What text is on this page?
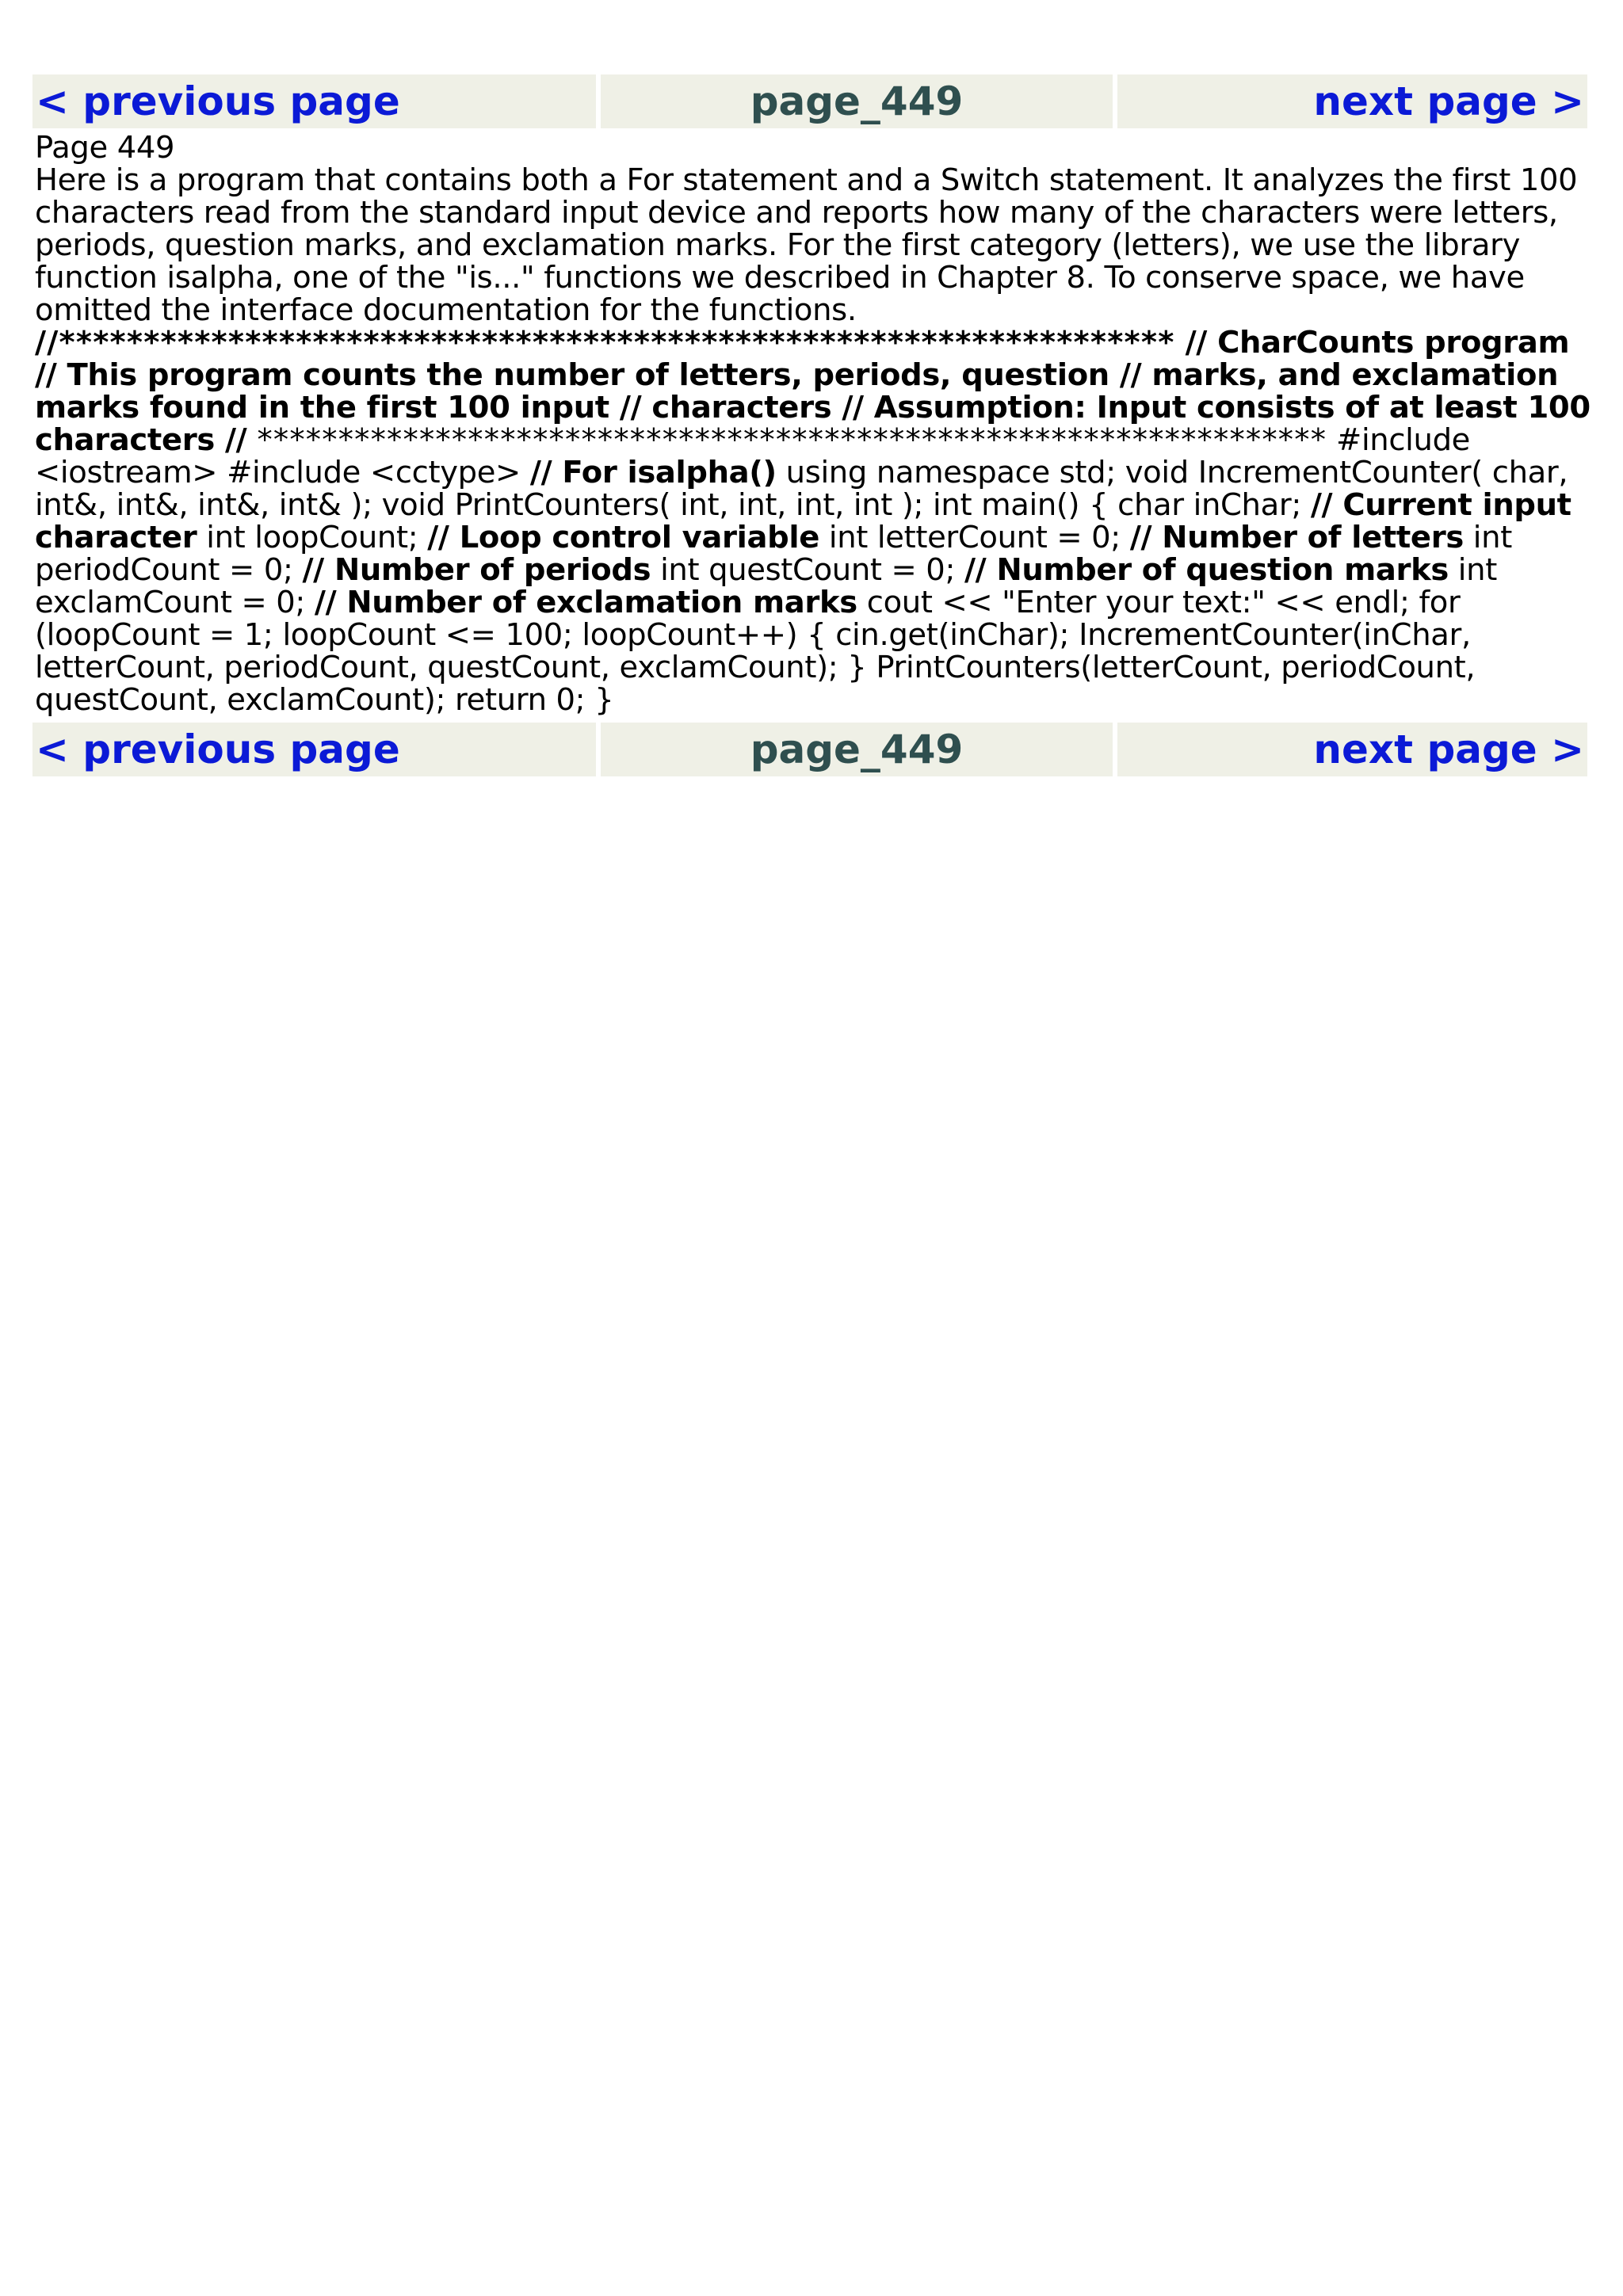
< previous page	page_449	next page >

Page 449

Here is a program that contains both a For statement and a Switch statement. It analyzes the first 100 characters read from the standard input device and reports how many of the characters were letters, periods, question marks, and exclamation marks. For the first category (letters), we use the library function isalpha, one of the "is..." functions we described in Chapter 8. To conserve space, we have omitted the interface documentation for the functions.

//****************************************************************** // CharCounts program // This program counts the number of letters, periods, question // marks, and exclamation marks found in the first 100 input // characters // Assumption: Input consists of at least 100 characters // ****************************************************************** #include <iostream> #include <cctype> // For isalpha() using namespace std; void IncrementCounter( char, int&, int&, int&, int& ); void PrintCounters( int, int, int, int ); int main() { char inChar; // Current input character int loopCount; // Loop control variable int letterCount = 0; // Number of letters int periodCount = 0; // Number of periods int questCount = 0; // Number of question marks int exclamCount = 0; // Number of exclamation marks cout << "Enter your text:" << endl; for (loopCount = 1; loopCount <= 100; loopCount++) { cin.get(inChar); IncrementCounter(inChar, letterCount, periodCount, questCount, exclamCount); } PrintCounters(letterCount, periodCount, questCount, exclamCount); return 0; }

< previous page	page_449	next page >
